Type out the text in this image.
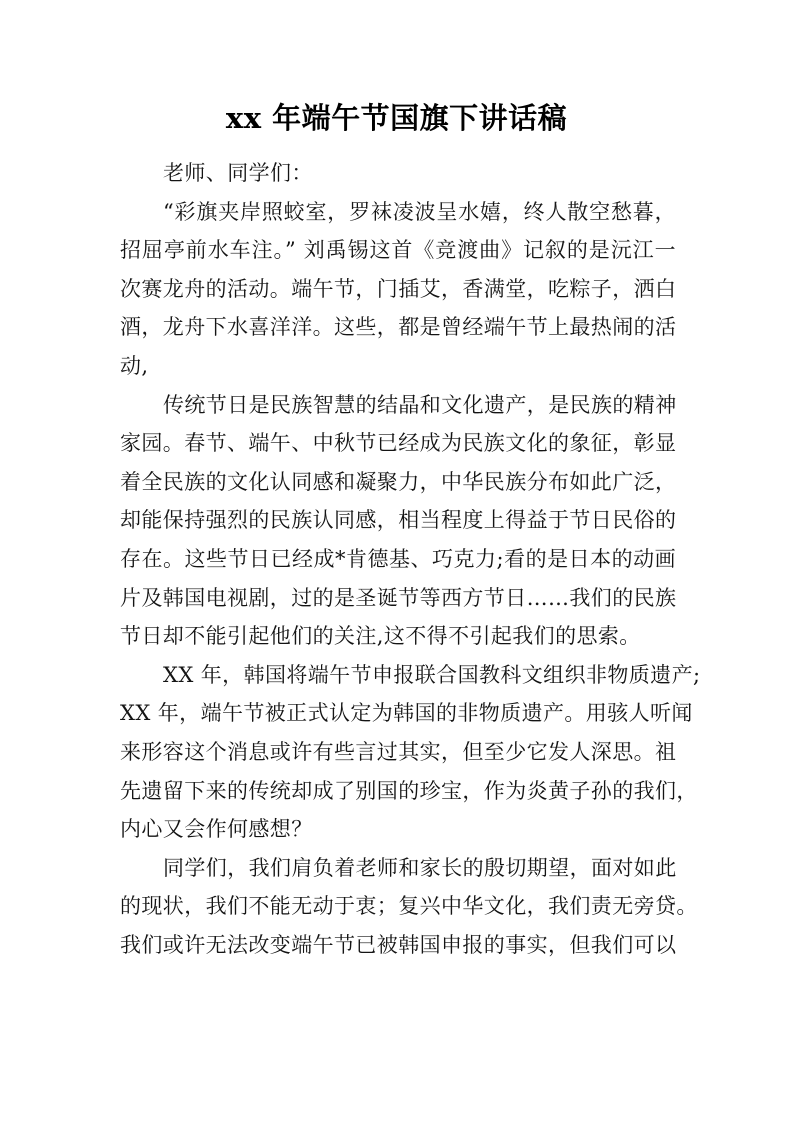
xx 年端午节国旗下讲话稿
老师、同学们：
“彩旗夹岸照蛟室，罗袜凌波呈水嬉，终人散空愁暮，
招屈亭前水车注。” 刘禹锡这首《竞渡曲》记叙的是沅江一
次赛龙舟的活动。端午节，门插艾，香满堂，吃粽子，洒白
酒，龙舟下水喜洋洋。这些，都是曾经端午节上最热闹的活
动,
传统节日是民族智慧的结晶和文化遗产，是民族的精神
家园。春节、端午、中秋节已经成为民族文化的象征，彰显
着全民族的文化认同感和凝聚力，中华民族分布如此广泛，
却能保持强烈的民族认同感，相当程度上得益于节日民俗的
存在。这些节日已经成*肯德基、巧克力;看的是日本的动画
片及韩国电视剧，过的是圣诞节等西方节日……我们的民族
节日却不能引起他们的关注,这不得不引起我们的思索。
XX 年，韩国将端午节申报联合国教科文组织非物质遗产;
XX 年，端午节被正式认定为韩国的非物质遗产。用骇人听闻
来形容这个消息或许有些言过其实，但至少它发人深思。祖
先遗留下来的传统却成了别国的珍宝，作为炎黄子孙的我们，
内心又会作何感想？
同学们，我们肩负着老师和家长的殷切期望，面对如此
的现状，我们不能无动于衷；复兴中华文化，我们责无旁贷。
我们或许无法改变端午节已被韩国申报的事实，但我们可以
